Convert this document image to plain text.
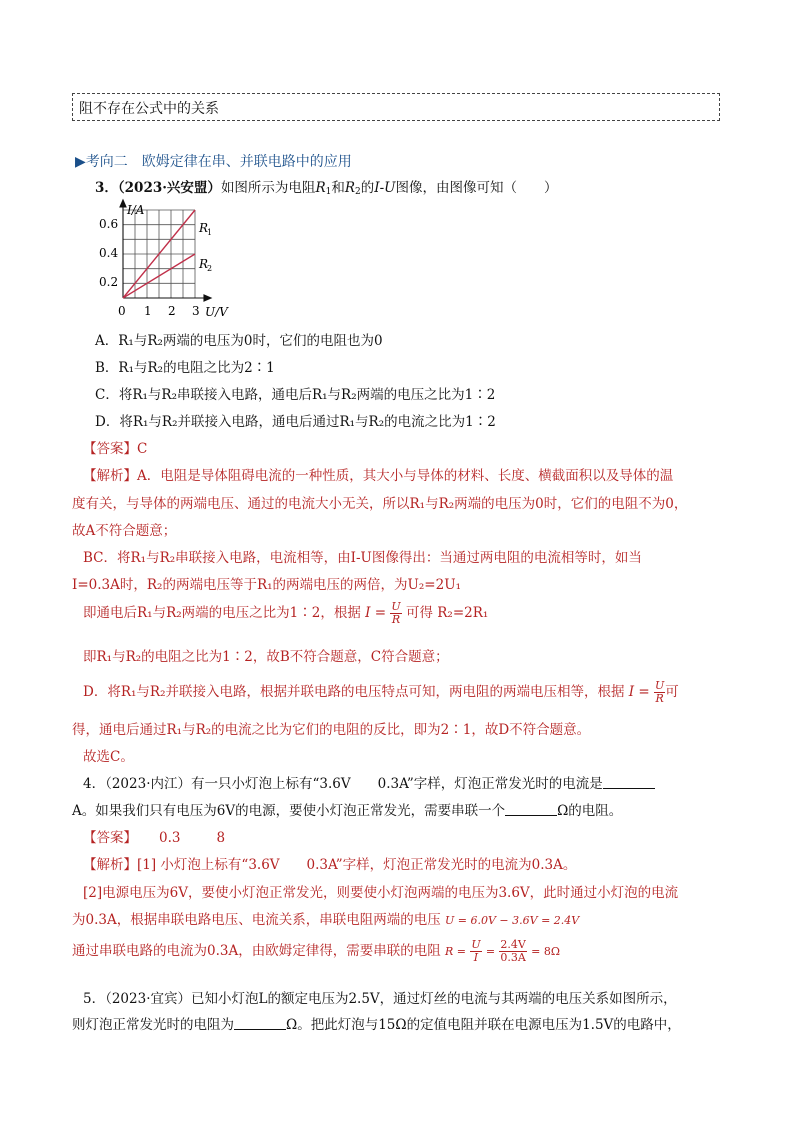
阻不存在公式中的关系
▶考向二　欧姆定律在串、并联电路中的应用
3．（2023·兴安盟）如图所示为电阻$R_1$和$R_2$的I-U图像，由图像可知（　　）
I/A
0.6
0.4
0.2
0 1 2 3 U/V
R
1
R
2
A．R₁与R₂两端的电压为0时，它们的电阻也为0
B．R₁与R₂的电阻之比为2∶1
C．将R₁与R₂串联接入电路，通电后R₁与R₂两端的电压之比为1∶2
D．将R₁与R₂并联接入电路，通电后通过R₁与R₂的电流之比为1∶2
【答案】C
【解析】A．电阻是导体阻碍电流的一种性质，其大小与导体的材料、长度、横截面积以及导体的温
度有关，与导体的两端电压、通过的电流大小无关，所以R₁与R₂两端的电压为0时，它们的电阻不为0，
故A不符合题意；
BC．将R₁与R₂串联接入电路，电流相等，由I-U图像得出：当通过两电阻的电流相等时，如当
I=0.3A时，R₂的两端电压等于R₁的两端电压的两倍，为U₂=2U₁
即通电后R₁与R₂两端的电压之比为1∶2，根据 $I = \frac{U}{R}$ 可得 R₂=2R₁
即R₁与R₂的电阻之比为1∶2，故B不符合题意，C符合题意；
D．将R₁与R₂并联接入电路，根据并联电路的电压特点可知，两电阻的两端电压相等，根据 $I = \frac{U}{R}$ 可
得，通电后通过R₁与R₂的电流之比为它们的电阻的反比，即为2∶1，故D不符合题意。
故选C。
4．（2023·内江）有一只小灯泡上标有“3.6V　　0.3A”字样，灯泡正常发光时的电流是
A。如果我们只有电压为6V的电源，要使小灯泡正常发光，需要串联一个	Ω的电阻。
【答案】 0.3	8
【解析】[1] 小灯泡上标有“3.6V　　0.3A”字样，灯泡正常发光时的电流为0.3A。
[2]电源电压为6V，要使小灯泡正常发光，则要使小灯泡两端的电压为3.6V，此时通过小灯泡的电流
为0.3A，根据串联电路电压、电流关系，串联电阻两端的电压 U = 6.0V − 3.6V = 2.4V
通过串联电路的电流为0.3A，由欧姆定律得，需要串联的电阻 $R = \frac{U}{I} = \frac{2.4V}{0.3A} = 8\Omega$
5．（2023·宜宾）已知小灯泡L的额定电压为2.5V，通过灯丝的电流与其两端的电压关系如图所示，
则灯泡正常发光时的电阻为	Ω。把此灯泡与15Ω的定值电阻并联在电源电压为1.5V的电路中，
